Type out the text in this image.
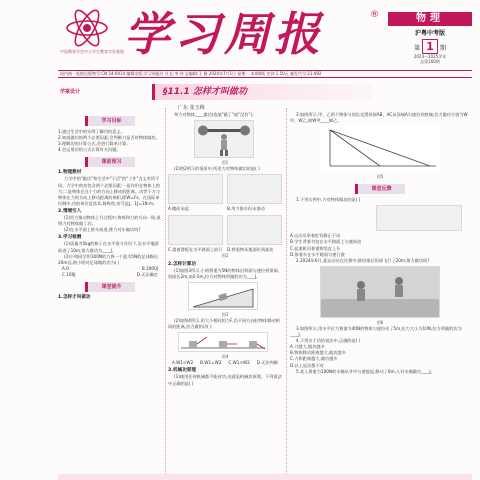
中国教育学会中小学生教育实验基地 学习周报	®	物理
沪粤中考版
第 1 期
2024～2025学年
总第160期
国内统一连续出版物号:CN 54-0014 编辑出版:学习周报社 社长:李 伟 总编辑:王 静 2024年7月1日 星期一 本期4版 定价:1.50元 邮发代号:21-092
学案设计	§11.1 怎样才叫做功
广东 张玉梅
学习目标
1.通过生活中的实例了解功的意义。
2.知道做功的两个必要因素,会判断力是否对物体做功。
3.理解功的计算公式,会进行简单计算。
4.会运用功的公式计算有关问题。
课前预习
1.物理教材
力学中的"做功"和生活中"干活"的"工作"含义有所不同。力学中的功包含两个必要因素:一是作用在物体上的力;二是物体在这个力的方向上移动的距离。功等于力与物体在力的方向上移动距离的乘积,即W=Fs。在国际单位制中,功的单位是焦耳,简称焦,符号是J。1J=1N·m。
2.情境引入
(1)用力推动物体上升过程中,物体和力的方向一致,说明力对物体做了功。
(2)在水平面上推车前进,推力对车做功吗?
3.学习检测
(1)质量为5kg的箱子在水平推力作用下,沿水平地面前进了10m,推力做功为____J。
(2)小明同学用100N的力将一个重为5N的足球踢出20m远,则小明对足球做的功为( )
A.0	B.2000J
C.100J	D.无法确定
课堂提升
1.怎样才叫做功
举力对物体____做功(选填"做了"或"没有")。
图1
(2)图2所示的情景中,所述力对物体做功的是( )
A.搬而未起	B.用力推车但未推动
C.提着滑板在水平路面上前行 D.将重物从地面拉到高处
图2
2.怎样计算功
(1)如图3所示,小明将重为5N的物体沿斜面匀速拉到顶端,斜面长2m,高0.5m,拉力对物体所做的功为____J。
图3
(2)如图4所示,用大小相同的力F,沿不同方向拉物体移动相同的距离,拉力做的功( )
图4
A.W1<W2 B.W1=W2 C.W1>W2 D.无法判断
3.机械功原理
(1)使用任何机械都不能省功,这就是机械功原理。下列说法中正确的是( )
3.如图所示,甲、乙两个物体分别沿光滑斜面AB、AC从顶端A匀速拉到底端,拉力做功分别为W甲、W乙,则W甲____W乙。
图5
课堂反馈
1.下列实例中,力对物体做功的是( )
A.运动员举着杠铃静止不动
B.学生背着书包在水平路面上匀速前进
C.起重机吊着重物竖直上升
D.推着车在水平路面匀速行驶
2.2024年6月,某运动员在比赛中,推铅球后铅球飞行了20m,推力做功吗?
图6
3.如图所示,用水平拉力将重为40N的物体匀速拉动了5m,拉力大小为10N,拉力所做的功为____J。
4.下列关于功的说法中,正确的是( )
A.力越大,做功越多
B.物体移动距离越大,做功越多
C.力和距离越大,做功越多
D.以上说法都不对
5.某人将重为100N的水桶从井中匀速提起,移动了6m,人对水桶做功____J。
